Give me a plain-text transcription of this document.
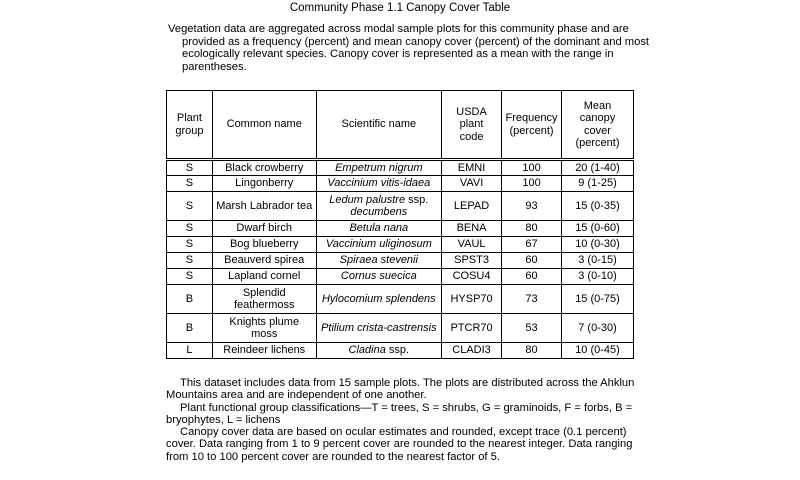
Community Phase 1.1 Canopy Cover Table
Vegetation data are aggregated across modal sample plots for this community phase and are provided as a frequency (percent) and mean canopy cover (percent) of the dominant and most ecologically relevant species. Canopy cover is represented as a mean with the range in parentheses.
Plant group	Common name	Scientific name	USDA plant code	Frequency (percent)	Mean canopy cover (percent)
S	Black crowberry	Empetrum nigrum	EMNI	100	20 (1-40)
S	Lingonberry	Vaccinium vitis-idaea	VAVI	100	9 (1-25)
S	Marsh Labrador tea	Ledum palustre ssp.
decumbens	LEPAD	93	15 (0-35)
S	Dwarf birch	Betula nana	BENA	80	15 (0-60)
S	Bog blueberry	Vaccinium uliginosum	VAUL	67	10 (0-30)
S	Beauverd spirea	Spiraea stevenii	SPST3	60	3 (0-15)
S	Lapland cornel	Cornus suecica	COSU4	60	3 (0-10)
B	Splendid feathermoss	Hylocomium splendens	HYSP70	73	15 (0-75)
B	Knights plume moss	Ptilium crista-castrensis	PTCR70	53	7 (0-30)
L	Reindeer lichens	Cladina ssp.	CLADI3	80	10 (0-45)

This dataset includes data from 15 sample plots. The plots are distributed across the Ahklun Mountains area and are independent of one another.

Plant functional group classifications—T = trees, S = shrubs, G = graminoids, F = forbs, B = bryophytes, L = lichens

Canopy cover data are based on ocular estimates and rounded, except trace (0.1 percent) cover. Data ranging from 1 to 9 percent cover are rounded to the nearest integer. Data ranging from 10 to 100 percent cover are rounded to the nearest factor of 5.
